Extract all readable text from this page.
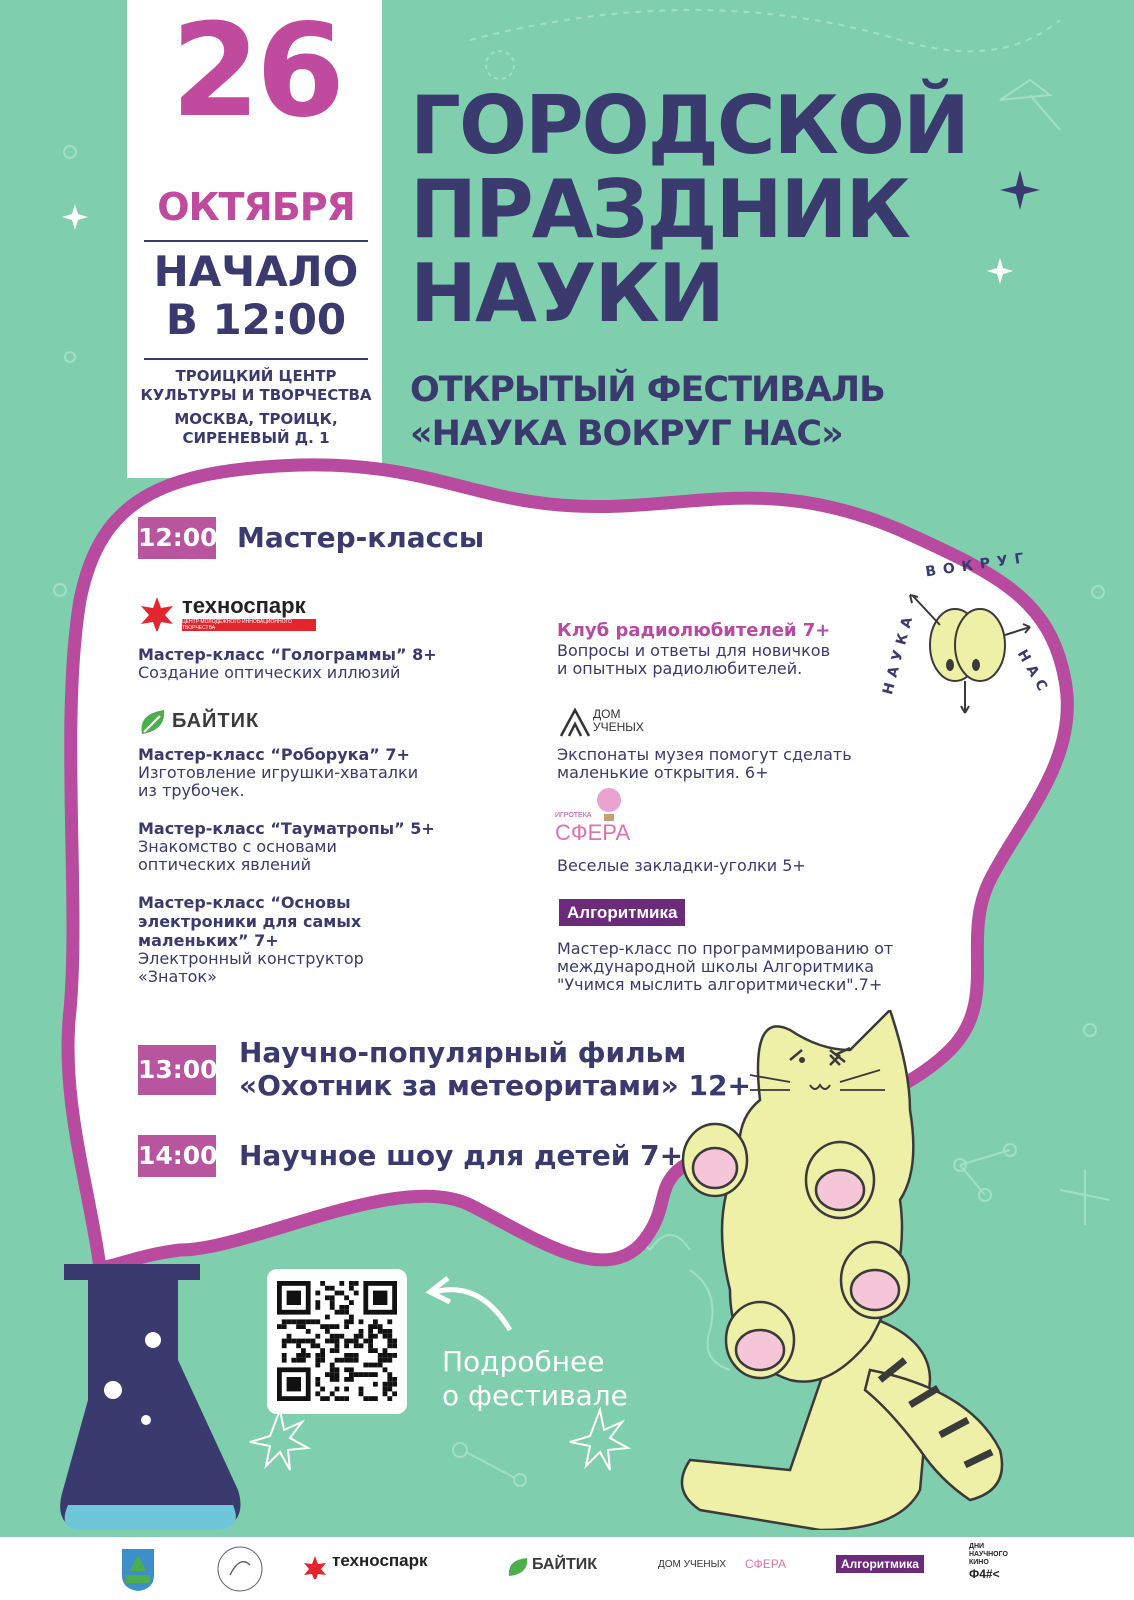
26
ОКТЯБРЯ
НАЧАЛО
В 12:00
ТРОИЦКИЙ ЦЕНТР
КУЛЬТУРЫ И ТВОРЧЕСТВА
МОСКВА, ТРОИЦК,
СИРЕНЕВЫЙ Д. 1
ГОРОДСКОЙ
ПРАЗДНИК
НАУКИ
ОТКРЫТЫЙ ФЕСТИВАЛЬ
«НАУКА ВОКРУГ НАС»
12:00 Мастер-классы
техноспарк
ЦЕНТР МОЛОДЕЖНОГО ИННОВАЦИОННОГО ТВОРЧЕСТВА
Мастер-класс “Голограммы” 8+
Создание оптических иллюзий
БАЙТИК
Мастер-класс “Роборука” 7+
Изготовление игрушки-хваталки
из трубочек.
Мастер-класс “Тауматропы” 5+
Знакомство с основами
оптических явлений
Мастер-класс “Основы
электроники для самых
маленьких” 7+
Электронный конструктор
«Знаток»
Клуб радиолюбителей 7+
Вопросы и ответы для новичков
и опытных радиолюбителей.
ДОМ
УЧЕНЫХ
Экспонаты музея помогут сделать
маленькие открытия. 6+
ИГРОТЕКА
СФЕРА
Веселые закладки-уголки 5+
Алгоритмика
Мастер-класс по программированию от
международной школы Алгоритмика
"Учимся мыслить алгоритмически".7+
ВОКРУГ
НАУКА	НАС
13:00
Научно-популярный фильм
«Охотник за метеоритами» 12+
14:00 Научное шоу для детей 7+
Подробнее
о фестивале
техноспарк	БАЙТИК	ДОМ УЧЕНЫХ СФЕРА	Алгоритмика
ДНИ
НАУЧНОГО
КИНО
Ф4#<
